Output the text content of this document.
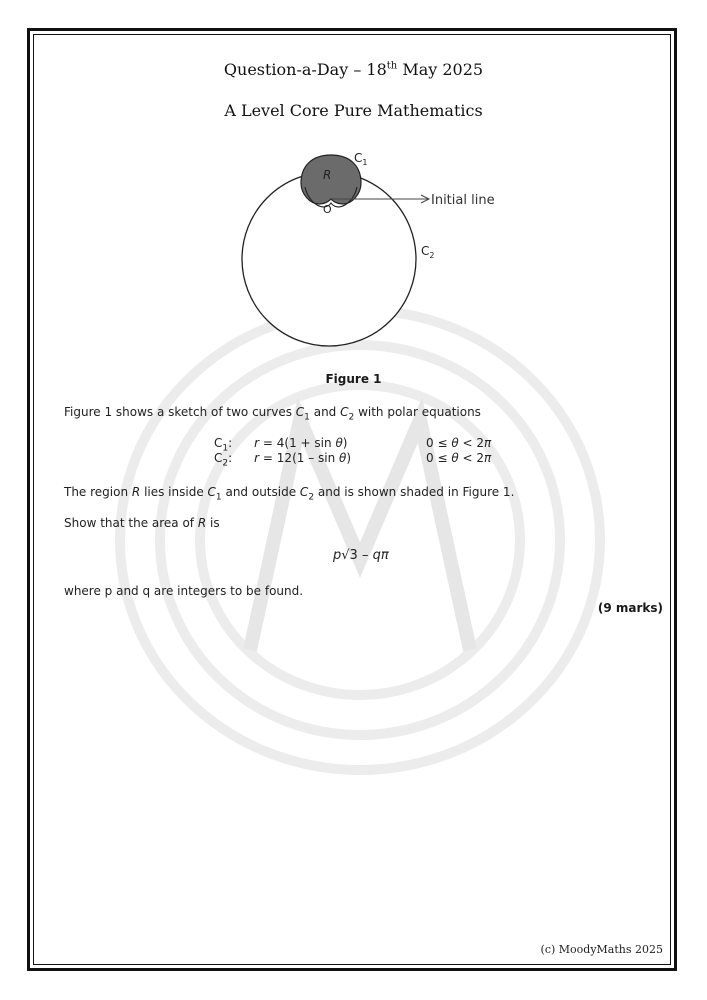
Question-a-Day – 18th May 2025
A Level Core Pure Mathematics
R
O
Initial line
$C_1$
$C_2$
Figure 1
Figure 1 shows a sketch of two curves $C_1$ and $C_2$ with polar equations
$C_1$: r = 4(1 + sin θ)	0 ≤ θ < 2π
$C_2$: r = 12(1 – sin θ)	0 ≤ θ < 2π
The region R lies inside $C_1$ and outside $C_2$ and is shown shaded in Figure 1.
Show that the area of R is
p√3 – qπ
where p and q are integers to be found.
(9 marks)
(c) MoodyMaths 2025
